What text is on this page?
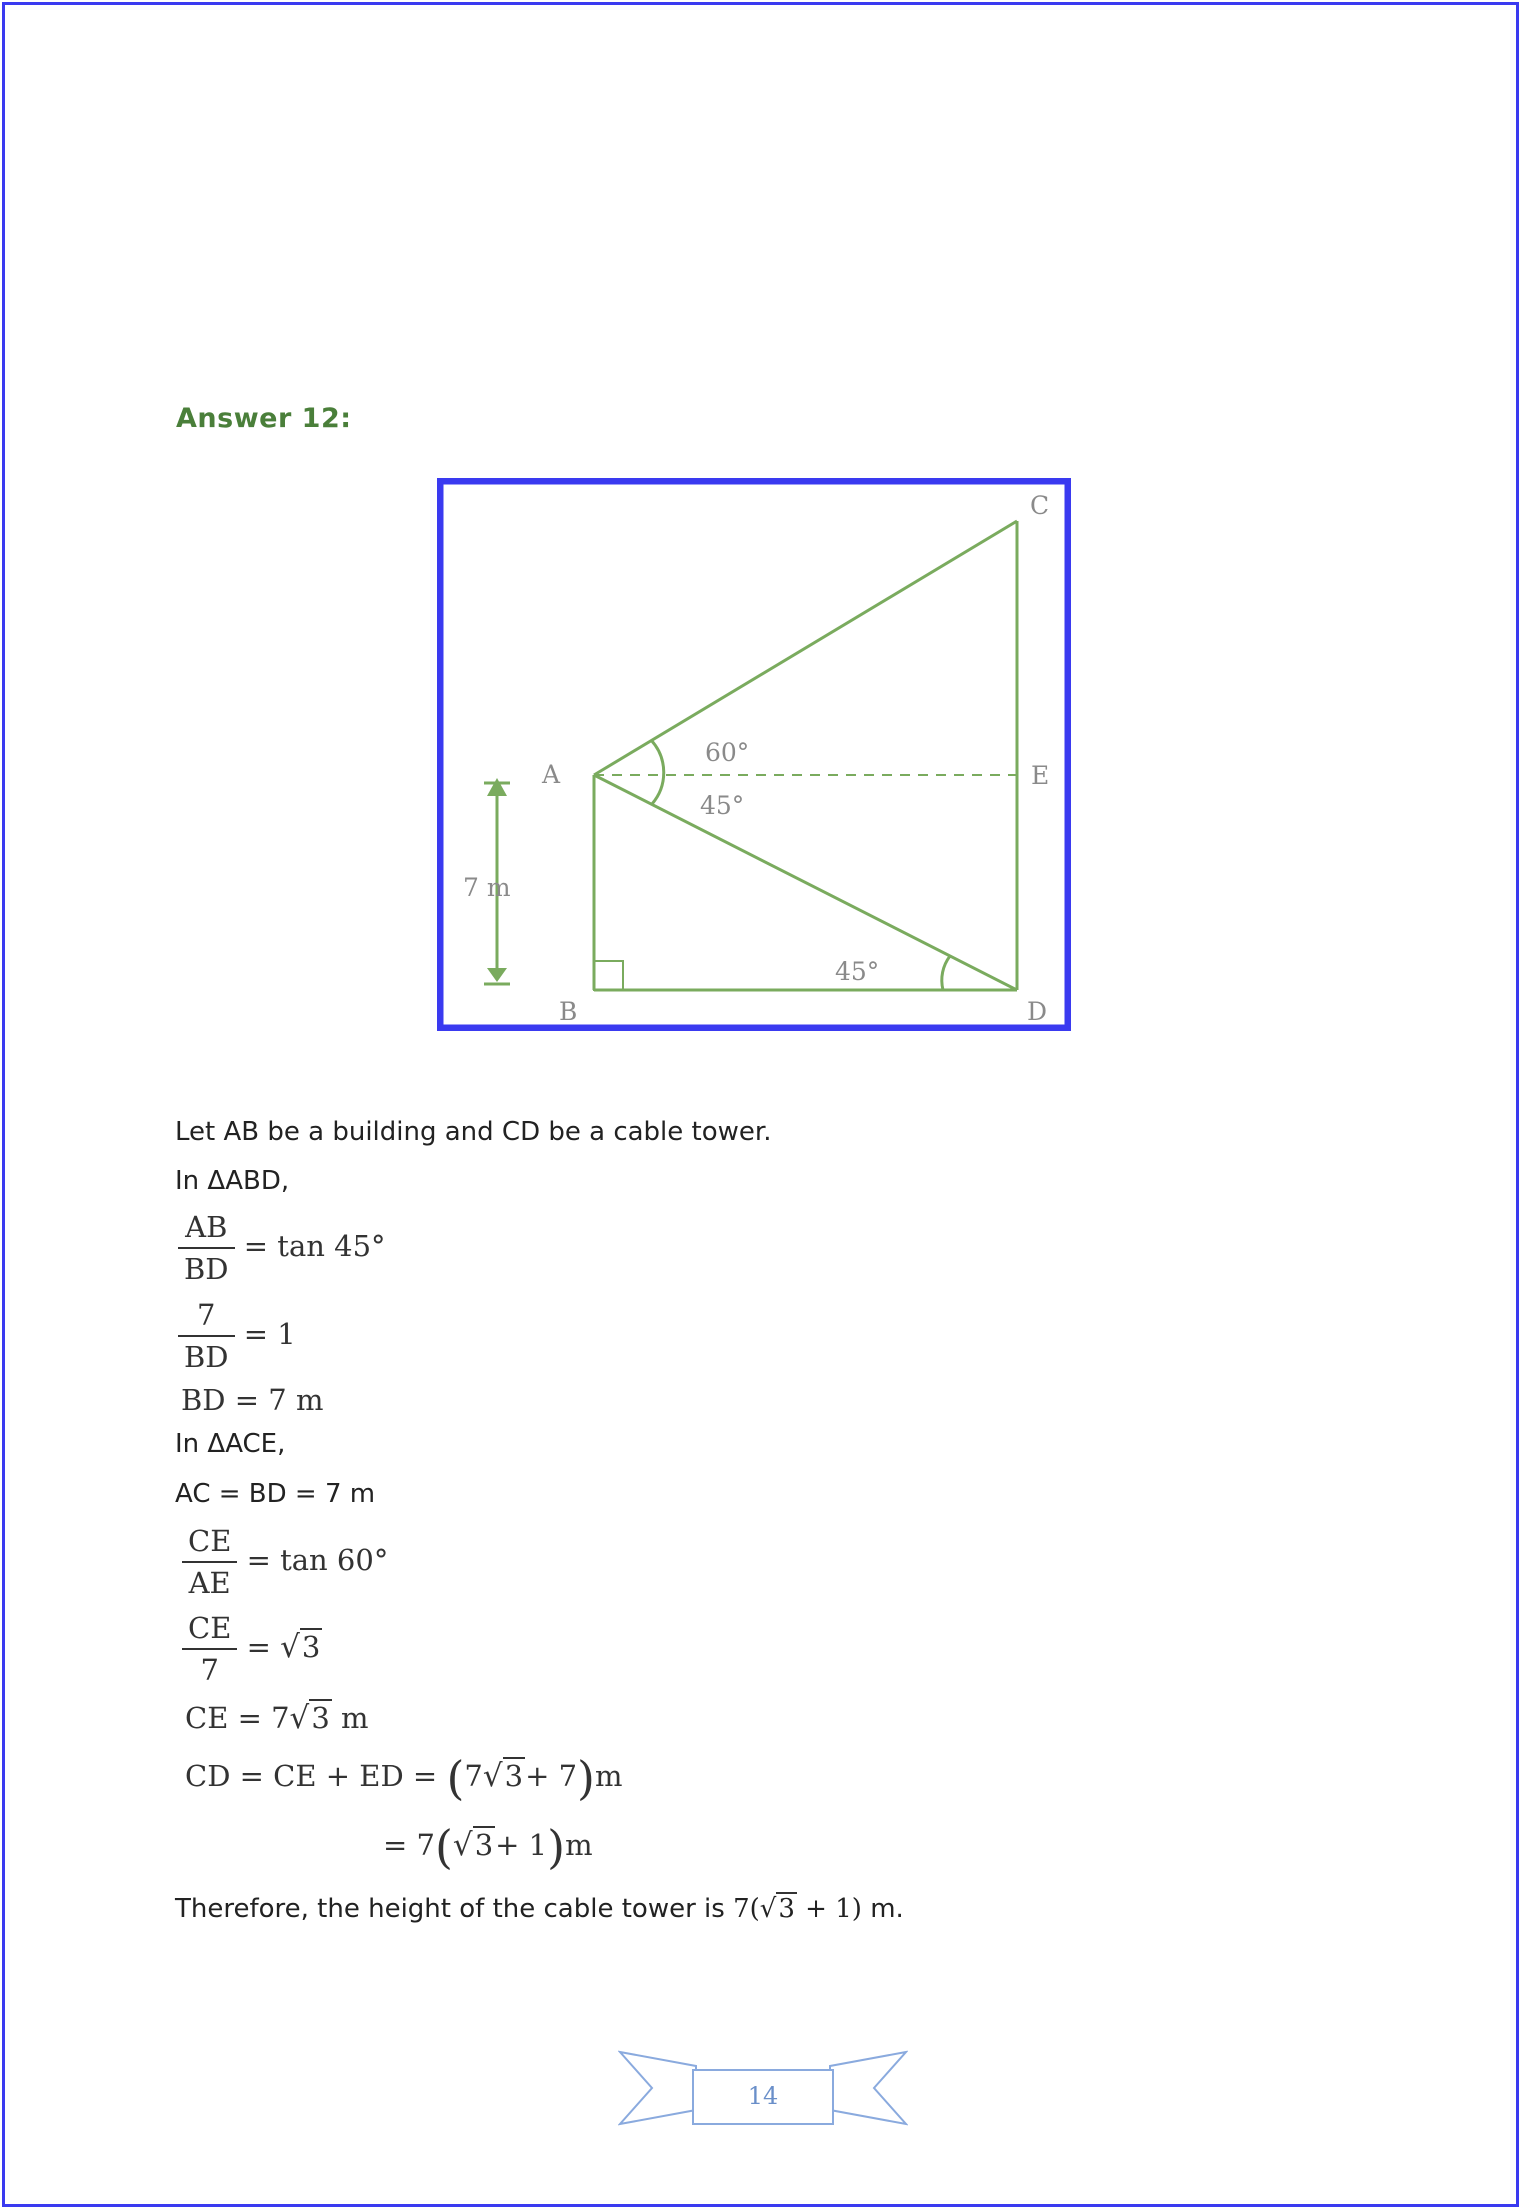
Answer 12:
A
B
C
D
E
60°
45°
45°
7 m
Let AB be a building and CD be a cable tower.
In ΔABD,
$\frac{AB}{BD} = \tan 45^\circ$
$\frac{7}{BD} = 1$
BD = 7 m
In ΔACE,
AC = BD = 7 m
$\frac{CE}{AE} = \tan 60^\circ$
$\frac{CE}{7} = √3$
CE = 7√3 m
CD = CE + ED = (7√3+ 7)m
= 7(√3+ 1)m
Therefore, the height of the cable tower is 7(√3 + 1) m.
14
